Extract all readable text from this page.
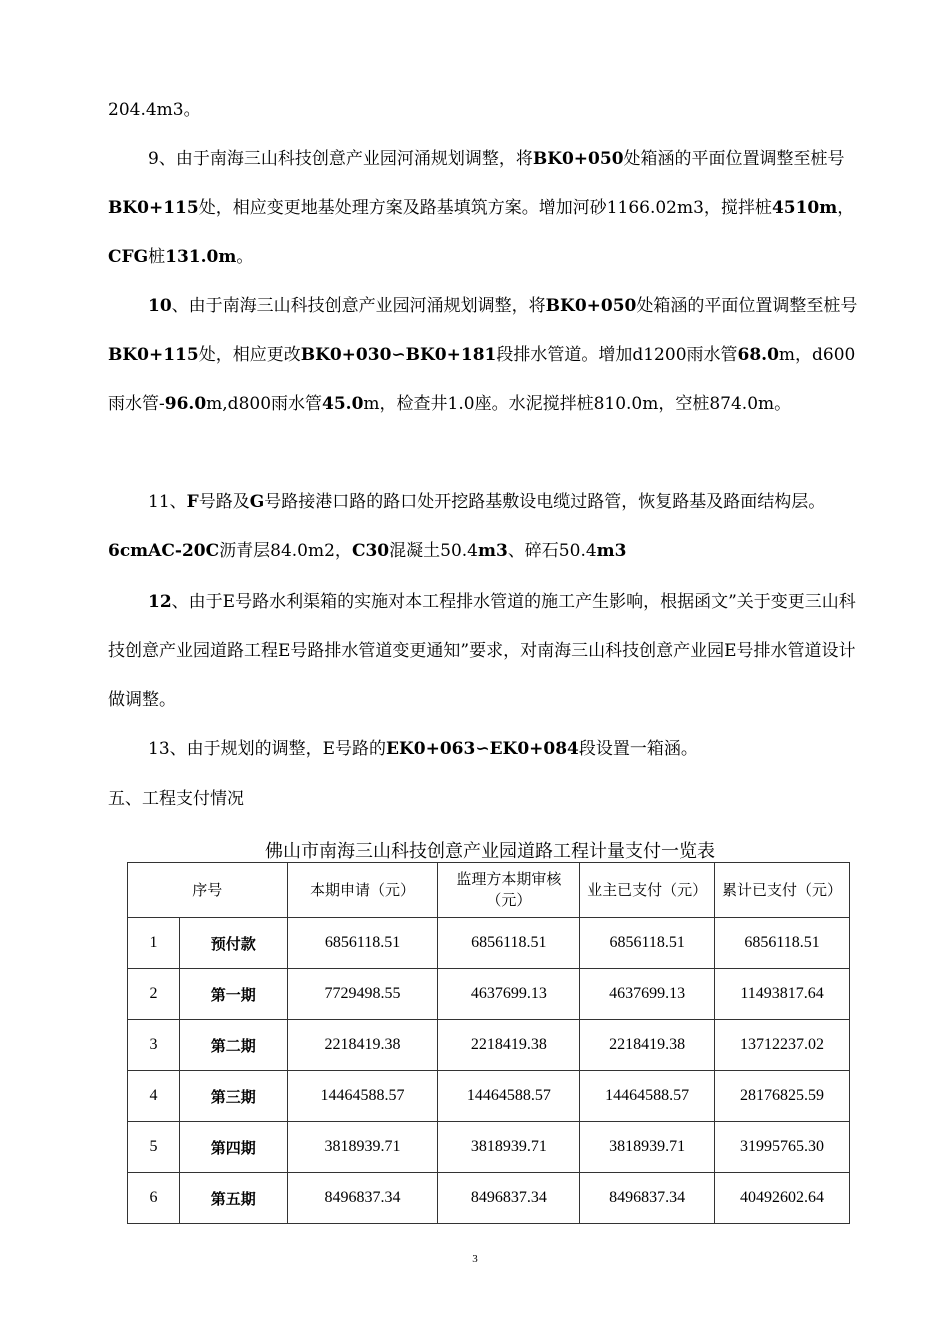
204.4m3。

9、由于南海三山科技创意产业园河涌规划调整，将BK0+050处箱涵的平面位置调整至桩号BK0+115处，相应变更地基处理方案及路基填筑方案。增加河砂1166.02m3，搅拌桩4510m，CFG桩131.0m。

10、由于南海三山科技创意产业园河涌规划调整，将BK0+050处箱涵的平面位置调整至桩号BK0+115处，相应更改BK0+030∽BK0+181段排水管道。增加d1200雨水管68.0m，d600雨水管-96.0m,d800雨水管45.0m，检查井1.0座。水泥搅拌桩810.0m，空桩874.0m。

11、F号路及G号路接港口路的路口处开挖路基敷设电缆过路管，恢复路基及路面结构层。6cmAC-20C沥青层84.0m2，C30混凝土50.4m3、碎石50.4m3

12、由于E号路水利渠箱的实施对本工程排水管道的施工产生影响，根据函文”关于变更三山科技创意产业园道路工程E号路排水管道变更通知”要求，对南海三山科技创意产业园E号排水管道设计做调整。

13、由于规划的调整，E号路的EK0+063∽EK0+084段设置一箱涵。

五、工程支付情况

佛山市南海三山科技创意产业园道路工程计量支付一览表

序号		本期申请（元）	监理方本期审核（元）	业主已支付（元）	累计已支付（元）
1	预付款	6856118.51	6856118.51	6856118.51	6856118.51
2	第一期	7729498.55	4637699.13	4637699.13	11493817.64
3	第二期	2218419.38	2218419.38	2218419.38	13712237.02
4	第三期	14464588.57	14464588.57	14464588.57	28176825.59
5	第四期	3818939.71	3818939.71	3818939.71	31995765.30
6	第五期	8496837.34	8496837.34	8496837.34	40492602.64
3
